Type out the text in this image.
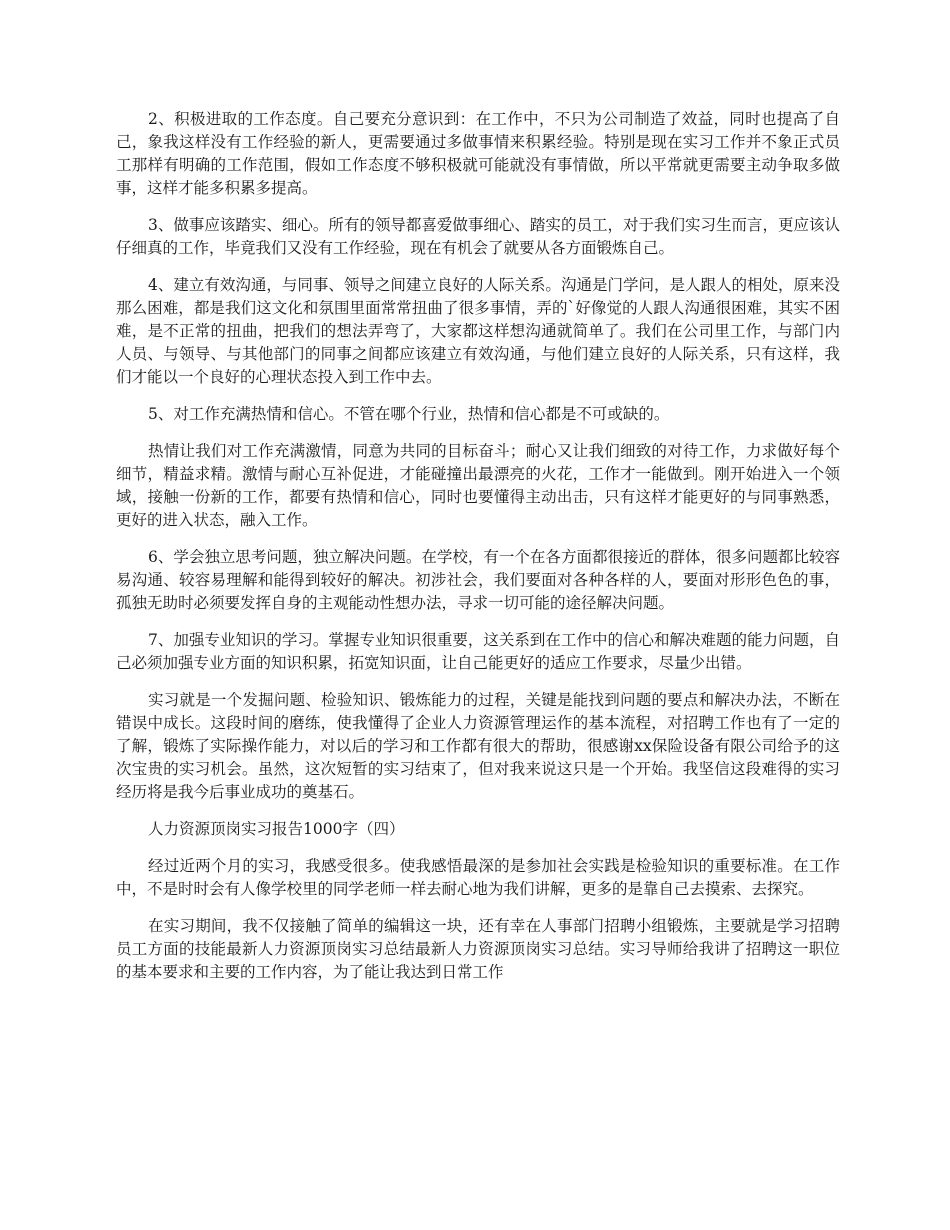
2、积极进取的工作态度。自己要充分意识到：在工作中，不只为公司制造了效益，同时也提高了自己，象我这样没有工作经验的新人，更需要通过多做事情来积累经验。特别是现在实习工作并不象正式员工那样有明确的工作范围，假如工作态度不够积极就可能就没有事情做，所以平常就更需要主动争取多做事，这样才能多积累多提高。

3、做事应该踏实、细心。所有的领导都喜爱做事细心、踏实的员工，对于我们实习生而言，更应该认仔细真的工作，毕竟我们又没有工作经验，现在有机会了就要从各方面锻炼自己。

4、建立有效沟通，与同事、领导之间建立良好的人际关系。沟通是门学问，是人跟人的相处，原来没那么困难，都是我们这文化和氛围里面常常扭曲了很多事情，弄的`好像觉的人跟人沟通很困难，其实不困难，是不正常的扭曲，把我们的想法弄弯了，大家都这样想沟通就简单了。我们在公司里工作，与部门内人员、与领导、与其他部门的同事之间都应该建立有效沟通，与他们建立良好的人际关系，只有这样，我们才能以一个良好的心理状态投入到工作中去。

5、对工作充满热情和信心。不管在哪个行业，热情和信心都是不可或缺的。

热情让我们对工作充满激情，同意为共同的目标奋斗；耐心又让我们细致的对待工作，力求做好每个细节，精益求精。激情与耐心互补促进，才能碰撞出最漂亮的火花，工作才一能做到。刚开始进入一个领域，接触一份新的工作，都要有热情和信心，同时也要懂得主动出击，只有这样才能更好的与同事熟悉，更好的进入状态，融入工作。

6、学会独立思考问题，独立解决问题。在学校，有一个在各方面都很接近的群体，很多问题都比较容易沟通、较容易理解和能得到较好的解决。初涉社会，我们要面对各种各样的人，要面对形形色色的事，孤独无助时必须要发挥自身的主观能动性想办法，寻求一切可能的途径解决问题。

7、加强专业知识的学习。掌握专业知识很重要，这关系到在工作中的信心和解决难题的能力问题，自己必须加强专业方面的知识积累，拓宽知识面，让自己能更好的适应工作要求，尽量少出错。

实习就是一个发掘问题、检验知识、锻炼能力的过程，关键是能找到问题的要点和解决办法，不断在错误中成长。这段时间的磨练，使我懂得了企业人力资源管理运作的基本流程，对招聘工作也有了一定的了解，锻炼了实际操作能力，对以后的学习和工作都有很大的帮助，很感谢xx保险设备有限公司给予的这次宝贵的实习机会。虽然，这次短暂的实习结束了，但对我来说这只是一个开始。我坚信这段难得的实习经历将是我今后事业成功的奠基石。

人力资源顶岗实习报告1000字（四）

经过近两个月的实习，我感受很多。使我感悟最深的是参加社会实践是检验知识的重要标准。在工作中，不是时时会有人像学校里的同学老师一样去耐心地为我们讲解，更多的是靠自己去摸索、去探究。

在实习期间，我不仅接触了简单的编辑这一块，还有幸在人事部门招聘小组锻炼，主要就是学习招聘员工方面的技能最新人力资源顶岗实习总结最新人力资源顶岗实习总结。实习导师给我讲了招聘这一职位的基本要求和主要的工作内容，为了能让我达到日常工作
